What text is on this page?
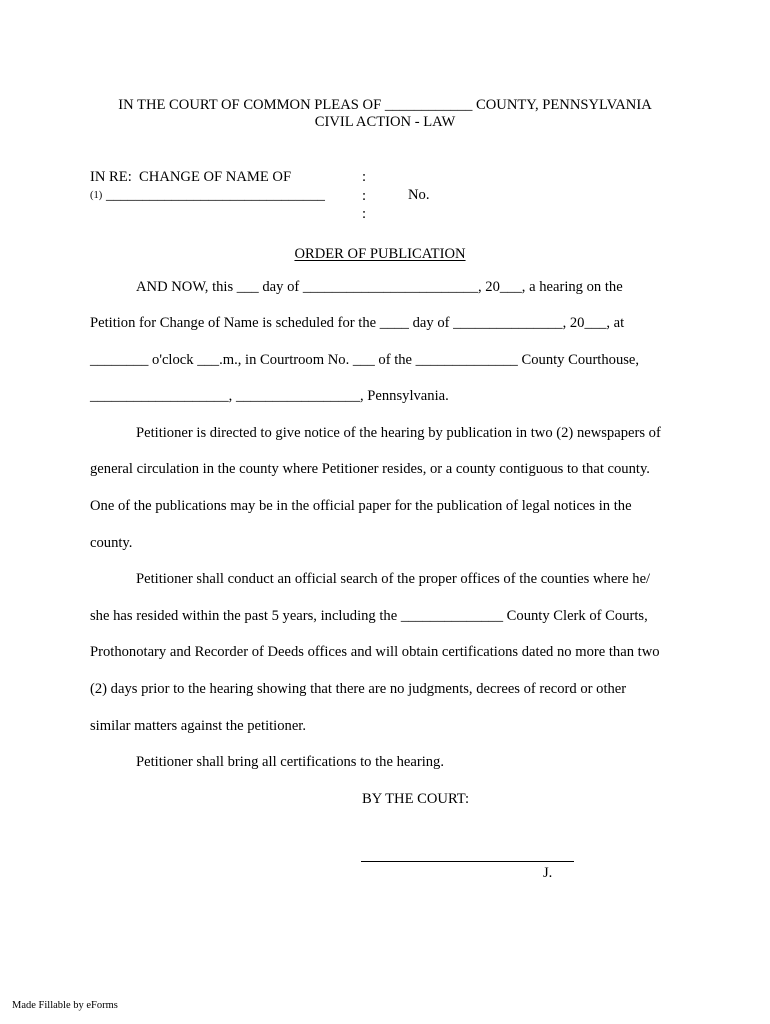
IN THE COURT OF COMMON PLEAS OF ____________ COUNTY, PENNSYLVANIA
CIVIL ACTION - LAW
IN RE:  CHANGE OF NAME OF
(1) ______________________________
:
:
:
No.
ORDER OF PUBLICATION
AND NOW, this ___ day of ________________________, 20___, a hearing on the
Petition for Change of Name is scheduled for the ____ day of _______________, 20___, at
________ o'clock ___.m., in Courtroom No. ___ of the ______________ County Courthouse,
___________________, _________________, Pennsylvania.
Petitioner is directed to give notice of the hearing by publication in two (2) newspapers of
general circulation in the county where Petitioner resides, or a county contiguous to that county.
One of the publications may be in the official paper for the publication of legal notices in the
county.
Petitioner shall conduct an official search of the proper offices of the counties where he/
she has resided within the past 5 years, including the ______________ County Clerk of Courts,
Prothonotary and Recorder of Deeds offices and will obtain certifications dated no more than two
(2) days prior to the hearing showing that there are no judgments, decrees of record or other
similar matters against the petitioner.
Petitioner shall bring all certifications to the hearing.
BY THE COURT:
J.
Made Fillable by eForms
